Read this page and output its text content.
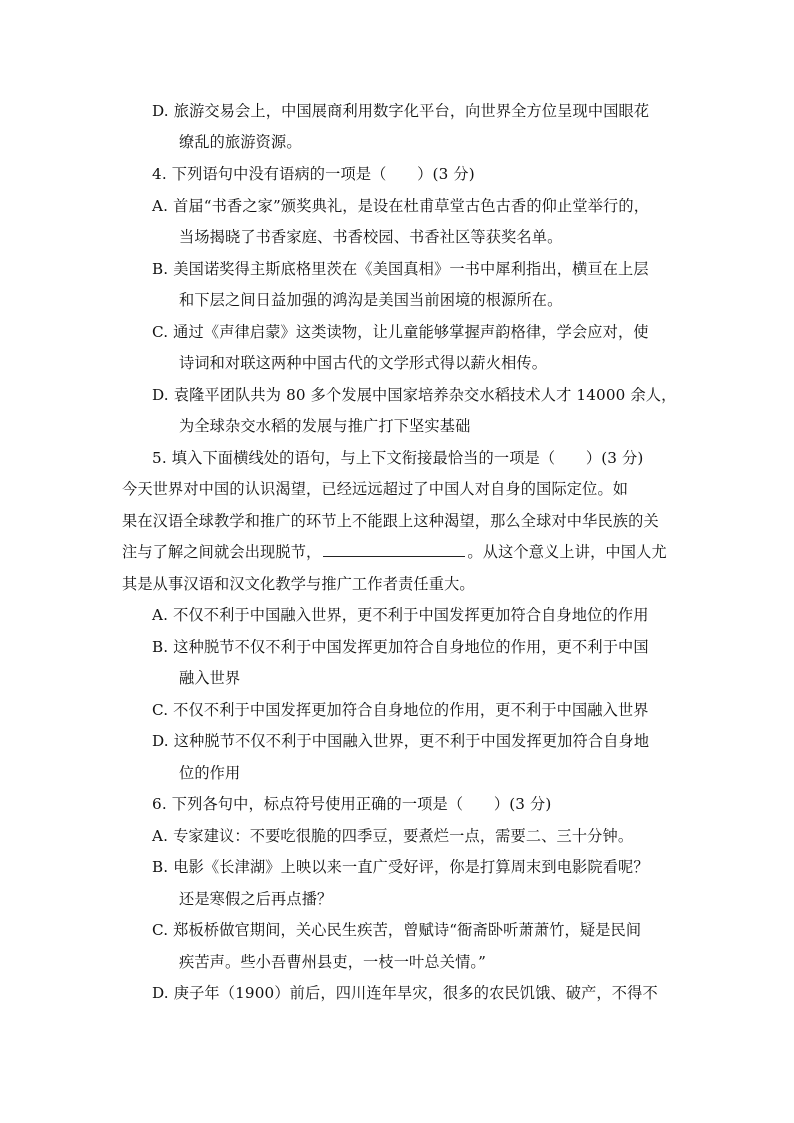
D. 旅游交易会上，中国展商利用数字化平台，向世界全方位呈现中国眼花
缭乱的旅游资源。
4. 下列语句中没有语病的一项是（　　）(3 分)
A. 首届“书香之家”颁奖典礼，是设在杜甫草堂古色古香的仰止堂举行的，
当场揭晓了书香家庭、书香校园、书香社区等获奖名单。
B. 美国诺奖得主斯底格里茨在《美国真相》一书中犀利指出，横亘在上层
和下层之间日益加强的鸿沟是美国当前困境的根源所在。
C. 通过《声律启蒙》这类读物，让儿童能够掌握声韵格律，学会应对，使
诗词和对联这两种中国古代的文学形式得以薪火相传。
D. 袁隆平团队共为 80 多个发展中国家培养杂交水稻技术人才 14000 余人，
为全球杂交水稻的发展与推广打下坚实基础
5. 填入下面横线处的语句，与上下文衔接最恰当的一项是（　　）(3 分)
今天世界对中国的认识渴望，已经远远超过了中国人对自身的国际定位。如
果在汉语全球教学和推广的环节上不能跟上这种渴望，那么全球对中华民族的关
注与了解之间就会出现脱节，	。从这个意义上讲，中国人尤
其是从事汉语和汉文化教学与推广工作者责任重大。
A. 不仅不利于中国融入世界，更不利于中国发挥更加符合自身地位的作用
B. 这种脱节不仅不利于中国发挥更加符合自身地位的作用，更不利于中国
融入世界
C. 不仅不利于中国发挥更加符合自身地位的作用，更不利于中国融入世界
D. 这种脱节不仅不利于中国融入世界，更不利于中国发挥更加符合自身地
位的作用
6. 下列各句中，标点符号使用正确的一项是（　　）(3 分)
A. 专家建议：不要吃很脆的四季豆，要煮烂一点，需要二、三十分钟。
B. 电影《长津湖》上映以来一直广受好评，你是打算周末到电影院看呢？
还是寒假之后再点播？
C. 郑板桥做官期间，关心民生疾苦，曾赋诗“衙斋卧听萧萧竹，疑是民间
疾苦声。些小吾曹州县吏，一枝一叶总关情。”
D. 庚子年（1900）前后，四川连年旱灾，很多的农民饥饿、破产，不得不
